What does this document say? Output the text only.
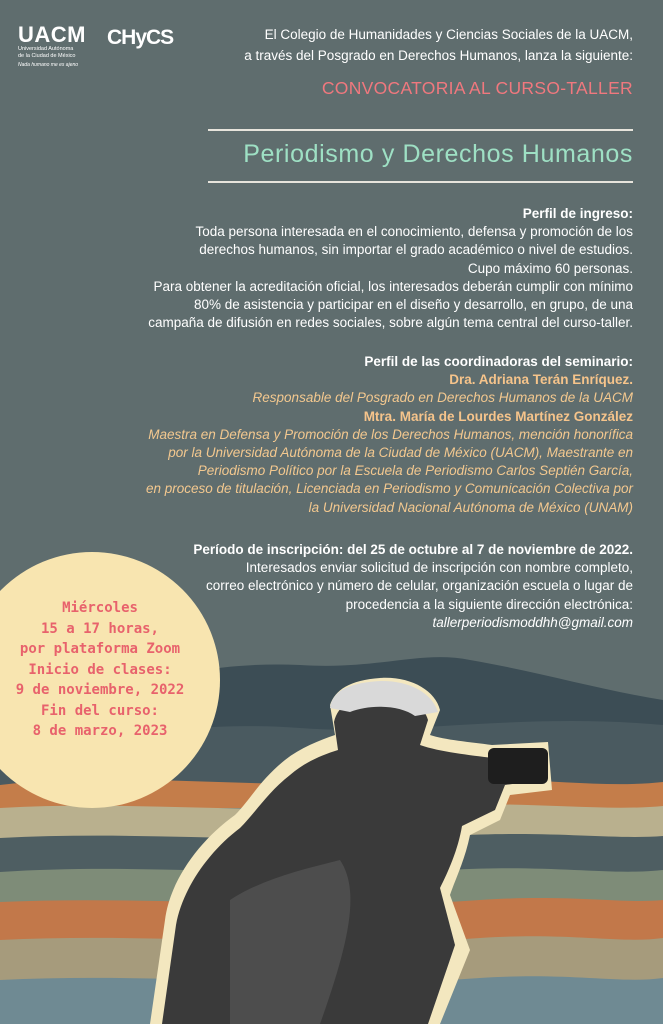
UACM
Universidad Autónoma
de la Ciudad de México
Nada humano me es ajeno
CHyCS	El Colegio de Humanidades y Ciencias Sociales de la UACM,
a través del Posgrado en Derechos Humanos, lanza la siguiente:
CONVOCATORIA AL CURSO-TALLER
Periodismo y Derechos Humanos
Perfil de ingreso:
Toda persona interesada en el conocimiento, defensa y promoción de los
derechos humanos, sin importar el grado académico o nivel de estudios.
Cupo máximo 60 personas.
Para obtener la acreditación oficial, los interesados deberán cumplir con mínimo
80% de asistencia y participar en el diseño y desarrollo, en grupo, de una
campaña de difusión en redes sociales, sobre algún tema central del curso-taller.
Perfil de las coordinadoras del seminario:
Dra. Adriana Terán Enríquez.
Responsable del Posgrado en Derechos Humanos de la UACM
Mtra. María de Lourdes Martínez González
Maestra en Defensa y Promoción de los Derechos Humanos, mención honorífica
por la Universidad Autónoma de la Ciudad de México (UACM), Maestrante en
Periodismo Político por la Escuela de Periodismo Carlos Septién García,
en proceso de titulación, Licenciada en Periodismo y Comunicación Colectiva por
la Universidad Nacional Autónoma de México (UNAM)
Período de inscripción: del 25 de octubre al 7 de noviembre de 2022.
Interesados enviar solicitud de inscripción con nombre completo,
correo electrónico y número de celular, organización escuela o lugar de
procedencia a la siguiente dirección electrónica:
tallerperiodismoddhh@gmail.com
Miércoles
15 a 17 horas,
por plataforma Zoom
Inicio de clases:
9 de noviembre, 2022
Fin del curso:
8 de marzo, 2023
